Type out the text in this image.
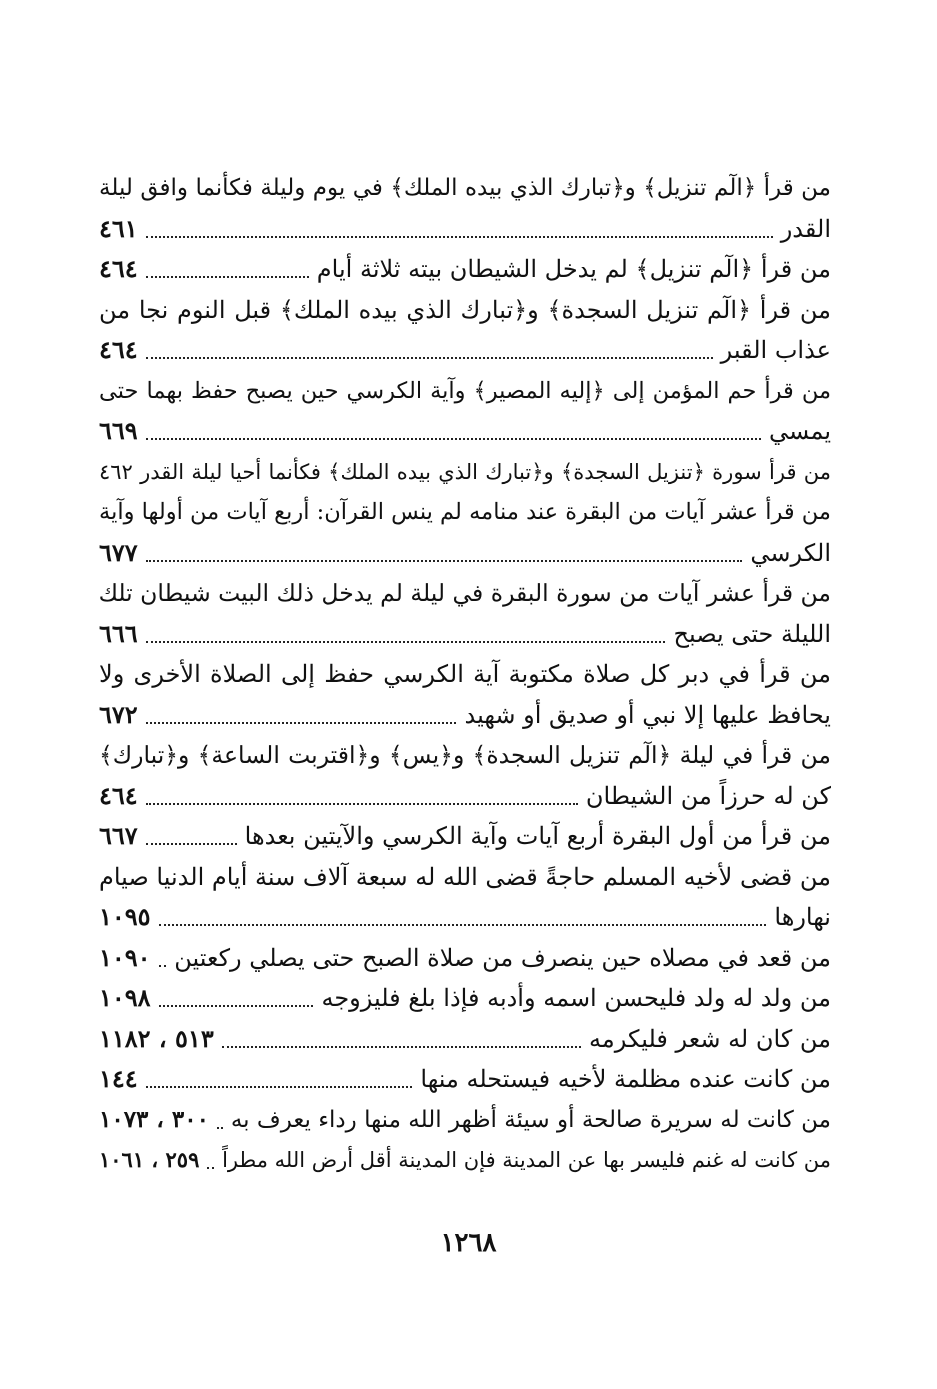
من قرأ ﴿الٓم تنزيل﴾ و﴿تبارك الذي بيده الملك﴾ في يوم وليلة فكأنما وافق ليلة
القدر
٤٦١
من قرأ ﴿الٓم تنزيل﴾ لم يدخل الشيطان بيته ثلاثة أيام
٤٦٤
من قرأ ﴿الٓم تنزيل السجدة﴾ و﴿تبارك الذي بيده الملك﴾ قبل النوم نجا من
عذاب القبر
٤٦٤
من قرأ حم المؤمن إلى ﴿إليه المصير﴾ وآية الكرسي حين يصبح حفظ بهما حتى
يمسي
٦٦٩
من قرأ سورة ﴿تنزيل السجدة﴾ و﴿تبارك الذي بيده الملك﴾ فكأنما أحيا ليلة القدر ٤٦٢
من قرأ عشر آيات من البقرة عند منامه لم ينس القرآن: أربع آيات من أولها وآية
الكرسي
٦٧٧
من قرأ عشر آيات من سورة البقرة في ليلة لم يدخل ذلك البيت شيطان تلك
الليلة حتى يصبح
٦٦٦
من قرأ في دبر كل صلاة مكتوبة آية الكرسي حفظ إلى الصلاة الأخرى ولا
يحافظ عليها إلا نبي أو صديق أو شهيد
٦٧٢
من قرأ في ليلة ﴿الٓم تنزيل السجدة﴾ و﴿يس﴾ و﴿اقتربت الساعة﴾ و﴿تبارك﴾
كن له حرزاً من الشيطان
٤٦٤
من قرأ من أول البقرة أربع آيات وآية الكرسي والآيتين بعدها
٦٦٧
من قضى لأخيه المسلم حاجةً قضى الله له سبعة آلاف سنة أيام الدنيا صيام
نهارها
١٠٩٥
من قعد في مصلاه حين ينصرف من صلاة الصبح حتى يصلي ركعتين
١٠٩٠
من ولد له ولد فليحسن اسمه وأدبه فإذا بلغ فليزوجه
١٠٩٨
من كان له شعر فليكرمه
٥١٣ ، ١١٨٢
من كانت عنده مظلمة لأخيه فيستحله منها
١٤٤
من كانت له سريرة صالحة أو سيئة أظهر الله منها رداء يعرف به
٣٠٠ ، ١٠٧٣
من كانت له غنم فليسر بها عن المدينة فإن المدينة أقل أرض الله مطراً
٢٥٩ ، ١٠٦١
١٢٦٨
